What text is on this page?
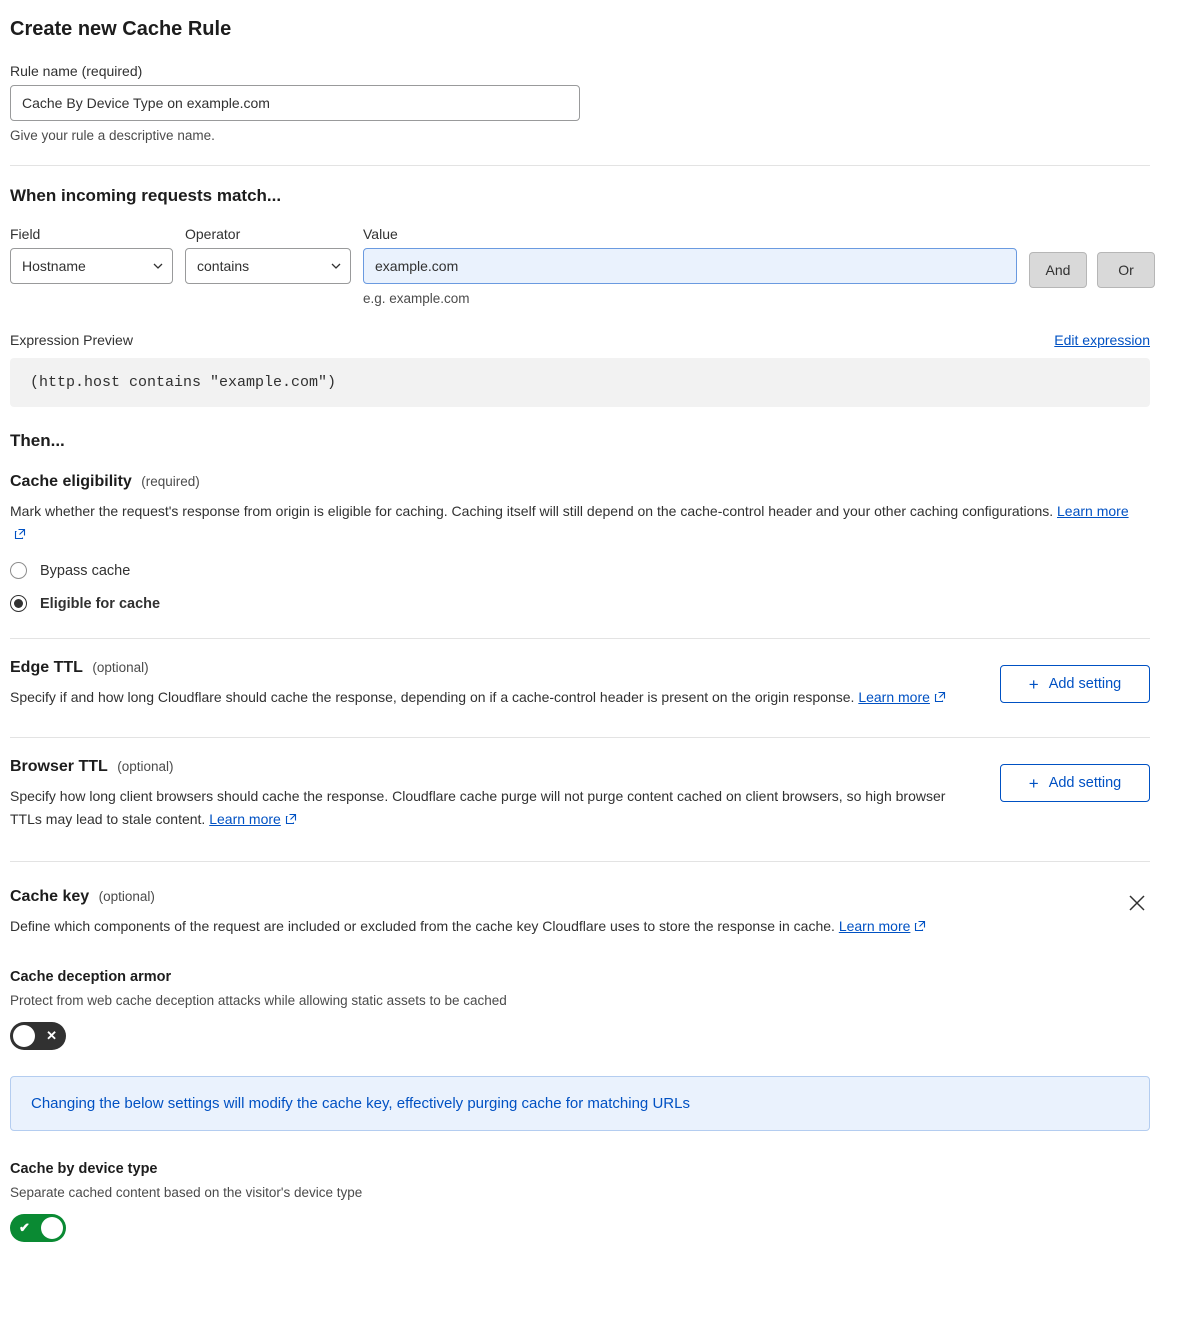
Create new Cache Rule
Rule name (required)
Cache By Device Type on example.com
Give your rule a descriptive name.
When incoming requests match...
Field
Hostname
Operator
contains
Value
example.com
e.g. example.com
And	Or
Expression Preview	Edit expression
(http.host contains "example.com")
Then...
Cache eligibility (required)
Mark whether the request's response from origin is eligible for caching. Caching itself will still depend on the cache-control header and your other caching configurations. Learn more
Bypass cache
Eligible for cache
Edge TTL (optional)
Specify if and how long Cloudflare should cache the response, depending on if a cache-control header is present on the origin response. Learn more
+ Add setting
Browser TTL (optional)
Specify how long client browsers should cache the response. Cloudflare cache purge will not purge content cached on client browsers, so high browser TTLs may lead to stale content. Learn more
+ Add setting
Cache key (optional)
Define which components of the request are included or excluded from the cache key Cloudflare uses to store the response in cache. Learn more
Cache deception armor
Protect from web cache deception attacks while allowing static assets to be cached
✕
Changing the below settings will modify the cache key, effectively purging cache for matching URLs
Cache by device type
Separate cached content based on the visitor's device type
✔
